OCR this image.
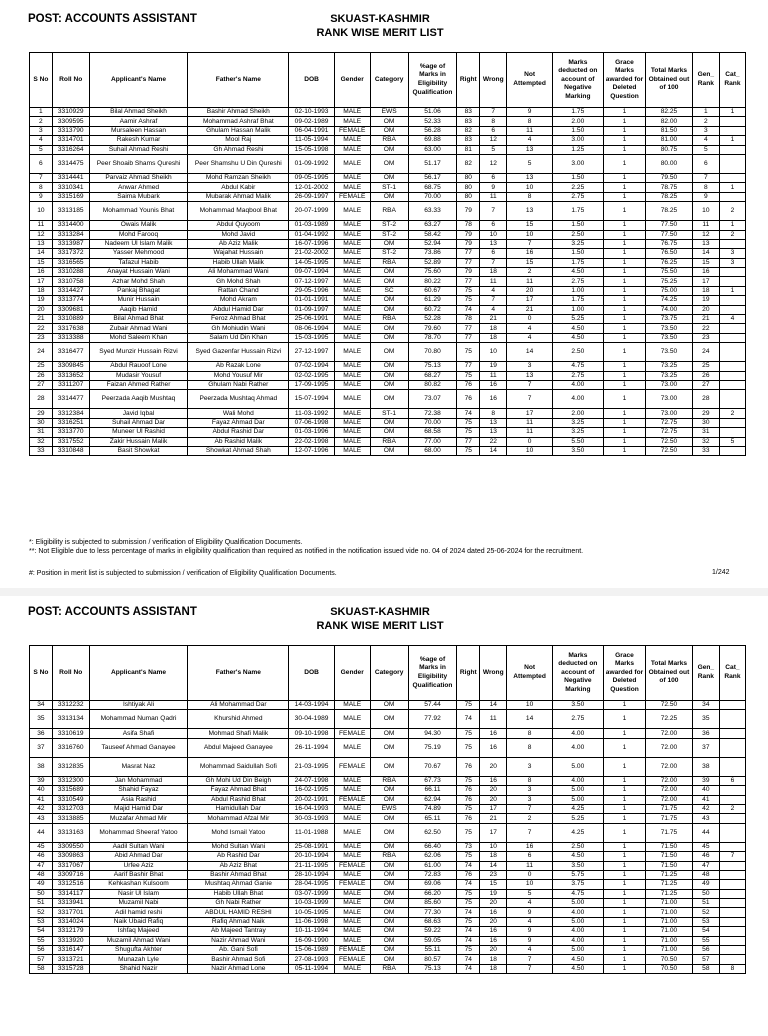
POST: ACCOUNTS ASSISTANT	SKUAST-KASHMIR
RANK WISE MERIT LIST
S No	Roll No	Applicant's Name	Father's Name	DOB	Gender	Category	%age of Marks in Eligibility Qualification	Right	Wrong	Not Attempted	Marks deducted on account of Negative Marking	Grace Marks awarded for Deleted Question	Total Marks Obtained out of 100	Gen_ Rank	Cat_ Rank
1	3310929	Bilal Ahmad Sheikh	Bashir Ahmad Sheikh	02-10-1993	MALE	EWS	51.06	83	7	9	1.75	1	82.25	1	1
2	3309595	Aamir Ashraf	Mohammad Ashraf Bhat	09-02-1989	MALE	OM	52.33	83	8	8	2.00	1	82.00	2	
3	3313790	Mursaleen Hassan	Ghulam Hassan Malik	06-04-1991	FEMALE	OM	56.28	82	6	11	1.50	1	81.50	3	
4	3314701	Rakesh Kumar	Mool Raj	11-05-1994	MALE	RBA	69.88	83	12	4	3.00	1	81.00	4	1
5	3316264	Suhail Ahmad Reshi	Gh Ahmad Reshi	15-05-1998	MALE	OM	63.00	81	5	13	1.25	1	80.75	5	
6	3314475	Peer Shoaib Shams Qureshi	Peer Shamshu U Din Qureshi	01-09-1992	MALE	OM	51.17	82	12	5	3.00	1	80.00	6	
7	3314441	Parvaiz Ahmad Sheikh	Mohd Ramzan Sheikh	09-05-1995	MALE	OM	56.17	80	6	13	1.50	1	79.50	7	
8	3310341	Anwar Ahmed	Abdul Kabir	12-01-2002	MALE	ST-1	68.75	80	9	10	2.25	1	78.75	8	1
9	3315169	Saima Mubark	Mubarak Ahmad Malik	26-09-1997	FEMALE	OM	70.00	80	11	8	2.75	1	78.25	9	
10	3313185	Mohammad Younis Bhat	Mohammad Maqbool Bhat	20-07-1999	MALE	RBA	63.33	79	7	13	1.75	1	78.25	10	2
11	3314400	Owais Malik	Abdul Quyoom	01-03-1989	MALE	ST-2	63.27	78	6	15	1.50	1	77.50	11	1
12	3313284	Mohd Farooq	Mohd Javid	01-04-1992	MALE	ST-2	58.42	79	10	10	2.50	1	77.50	12	2
13	3313987	Nadeem Ul Islam Malik	Ab Aziz Malik	16-07-1996	MALE	OM	52.94	79	13	7	3.25	1	76.75	13	
14	3317372	Yasser Mehmood	Wajahat Hussain	21-02-2002	MALE	ST-2	73.86	77	6	16	1.50	1	76.50	14	3
15	3316565	Tafazul Habib	Habib Ullah Malik	14-05-1995	MALE	RBA	52.89	77	7	15	1.75	1	76.25	15	3
16	3310288	Anayat Hussain Wani	Ali Mohammad Wani	09-07-1994	MALE	OM	75.60	79	18	2	4.50	1	75.50	16	
17	3310758	Azhar Mohd Shah	Gh Mohd Shah	07-12-1997	MALE	OM	80.22	77	11	11	2.75	1	75.25	17	
18	3314427	Pankaj Bhagat	Rattan Chand	29-05-1996	MALE	SC	60.67	75	4	20	1.00	1	75.00	18	1
19	3313774	Munir Hussain	Mohd Akram	01-01-1991	MALE	OM	61.29	75	7	17	1.75	1	74.25	19	
20	3309681	Aaqib Hamid	Abdul Hamid Dar	01-09-1997	MALE	OM	60.72	74	4	21	1.00	1	74.00	20	
21	3310889	Bilal Ahmad Bhat	Feroz Ahmad Bhat	25-06-1991	MALE	RBA	52.28	78	21	0	5.25	1	73.75	21	4
22	3317638	Zubair Ahmad Wani	Gh Mohiudin Wani	08-06-1994	MALE	OM	79.60	77	18	4	4.50	1	73.50	22	
23	3313388	Mohd Saleem Khan	Salam Ud Din Khan	15-03-1995	MALE	OM	78.70	77	18	4	4.50	1	73.50	23	
24	3316477	Syed Munzir Hussain Rizvi	Syed Gazenfar Hussain Rizvi	27-12-1997	MALE	OM	70.80	75	10	14	2.50	1	73.50	24	
25	3309845	Abdul Rauoof Lone	Ab Razak Lone	07-02-1994	MALE	OM	75.13	77	19	3	4.75	1	73.25	25	
26	3313652	Mudasir Yousuf	Mohd Yousuf Mir	02-02-1995	MALE	OM	68.27	75	11	13	2.75	1	73.25	26	
27	3311207	Faizan Ahmed Rather	Ghulam Nabi Rather	17-09-1995	MALE	OM	80.82	76	16	7	4.00	1	73.00	27	
28	3314477	Peerzada Aaqib Mushtaq	Peerzada Mushtaq Ahmad	15-07-1994	MALE	OM	73.07	76	16	7	4.00	1	73.00	28	
29	3312384	Javid Iqbal	Wali Mohd	11-03-1992	MALE	ST-1	72.38	74	8	17	2.00	1	73.00	29	2
30	3316251	Suhail Ahmad Dar	Fayaz Ahmad Dar	07-06-1998	MALE	OM	70.00	75	13	11	3.25	1	72.75	30	
31	3313770	Muneer Ul Rashid	Abdul Rashid Dar	01-03-1996	MALE	OM	68.58	75	13	11	3.25	1	72.75	31	
32	3317552	Zakir Hussain Malik	Ab Rashid Malik	22-02-1998	MALE	RBA	77.00	77	22	0	5.50	1	72.50	32	5
33	3310848	Basit Showkat	Showkat Ahmad Shah	12-07-1996	MALE	OM	68.00	75	14	10	3.50	1	72.50	33	
*: Eligibility is subjected to submission / verification of Eligibility Qualification Documents.
**: Not Eligible due to less percentage of marks in eligibility qualification than required as notified in the notification issued vide no. 04 of 2024 dated 25-06-2024 for the recruitment.
#: Position in merit list is subjected to submission / verification of Eligibility Qualification Documents.	1/242
POST: ACCOUNTS ASSISTANT	SKUAST-KASHMIR
RANK WISE MERIT LIST
S No	Roll No	Applicant's Name	Father's Name	DOB	Gender	Category	%age of Marks in Eligibility Qualification	Right	Wrong	Not Attempted	Marks deducted on account of Negative Marking	Grace Marks awarded for Deleted Question	Total Marks Obtained out of 100	Gen_ Rank	Cat_ Rank
34	3312232	Ishtiyak Ali	Ali Mohammad Dar	14-03-1994	MALE	OM	57.44	75	14	10	3.50	1	72.50	34	
35	3313134	Mohammad Numan Qadri	Khurshid Ahmed	30-04-1989	MALE	OM	77.92	74	11	14	2.75	1	72.25	35	
36	3310619	Asifa Shafi	Mohmad Shafi Malik	09-10-1998	FEMALE	OM	94.30	75	16	8	4.00	1	72.00	36	
37	3316760	Tauseef Ahmad Ganayee	Abdul Majeed Ganayee	26-11-1994	MALE	OM	75.19	75	16	8	4.00	1	72.00	37	
38	3312835	Masrat Naz	Mohammad Saidullah Sofi	21-03-1995	FEMALE	OM	70.67	76	20	3	5.00	1	72.00	38	
39	3312300	Jan Mohammad	Gh Mohi Ud Din Beigh	24-07-1998	MALE	RBA	67.73	75	16	8	4.00	1	72.00	39	6
40	3315689	Shahid Fayaz	Fayaz Ahmad Bhat	16-02-1995	MALE	OM	66.11	76	20	3	5.00	1	72.00	40	
41	3310549	Asia Rashid	Abdul Rashid Bhat	20-02-1991	FEMALE	OM	62.94	76	20	3	5.00	1	72.00	41	
42	3312703	Majid Hamid Dar	Hamidullah Dar	16-04-1993	MALE	EWS	74.89	75	17	7	4.25	1	71.75	42	2
43	3313885	Muzafar Ahmad Mir	Mohammad Afzal Mir	30-03-1993	MALE	OM	65.11	76	21	2	5.25	1	71.75	43	
44	3313163	Mohammad Sheeraf Yatoo	Mohd Ismail Yatoo	11-01-1988	MALE	OM	62.50	75	17	7	4.25	1	71.75	44	
45	3309550	Aadil Sultan Wani	Mohd Sultan Wani	25-08-1991	MALE	OM	66.40	73	10	16	2.50	1	71.50	45	
46	3309863	Abid Ahmad Dar	Ab Rashid Dar	20-10-1994	MALE	RBA	62.06	75	18	6	4.50	1	71.50	46	7
47	3317067	Urfee Aziz	Ab Aziz Bhat	21-11-1995	FEMALE	OM	61.00	74	14	11	3.50	1	71.50	47	
48	3309716	Aarif Bashir Bhat	Bashir Ahmad Bhat	28-10-1994	MALE	OM	72.83	76	23	0	5.75	1	71.25	48	
49	3312516	Kehkashan Kulsoom	Mushtaq Ahmad Ganie	28-04-1995	FEMALE	OM	69.06	74	15	10	3.75	1	71.25	49	
50	3314117	Nasir Ul Islam	Habib Ullah Bhat	03-07-1999	MALE	OM	66.20	75	19	5	4.75	1	71.25	50	
51	3313941	Muzamil Nabi	Gh Nabi Rather	10-03-1999	MALE	OM	85.60	75	20	4	5.00	1	71.00	51	
52	3317701	Adil hamid reshi	ABDUL HAMID RESHI	10-05-1995	MALE	OM	77.30	74	16	9	4.00	1	71.00	52	
53	3314024	Naik Ubaid Rafiq	Rafiq Ahmad Naik	11-06-1998	MALE	OM	68.63	75	20	4	5.00	1	71.00	53	
54	3312179	Ishfaq Majeed	Ab Majeed Tantray	10-11-1994	MALE	OM	59.22	74	16	9	4.00	1	71.00	54	
55	3313920	Muzamil Ahmad Wani	Nazir Ahmad Wani	16-09-1990	MALE	OM	59.05	74	16	9	4.00	1	71.00	55	
56	3316147	Shugufta Akhter	Ab. Gani Sofi	15-06-1989	FEMALE	OM	55.11	75	20	4	5.00	1	71.00	56	
57	3313721	Munazah Lyle	Bashir Ahmad Sofi	27-08-1993	FEMALE	OM	80.57	74	18	7	4.50	1	70.50	57	
58	3315728	Shahid Nazir	Nazir Ahmad Lone	05-11-1994	MALE	RBA	75.13	74	18	7	4.50	1	70.50	58	8
